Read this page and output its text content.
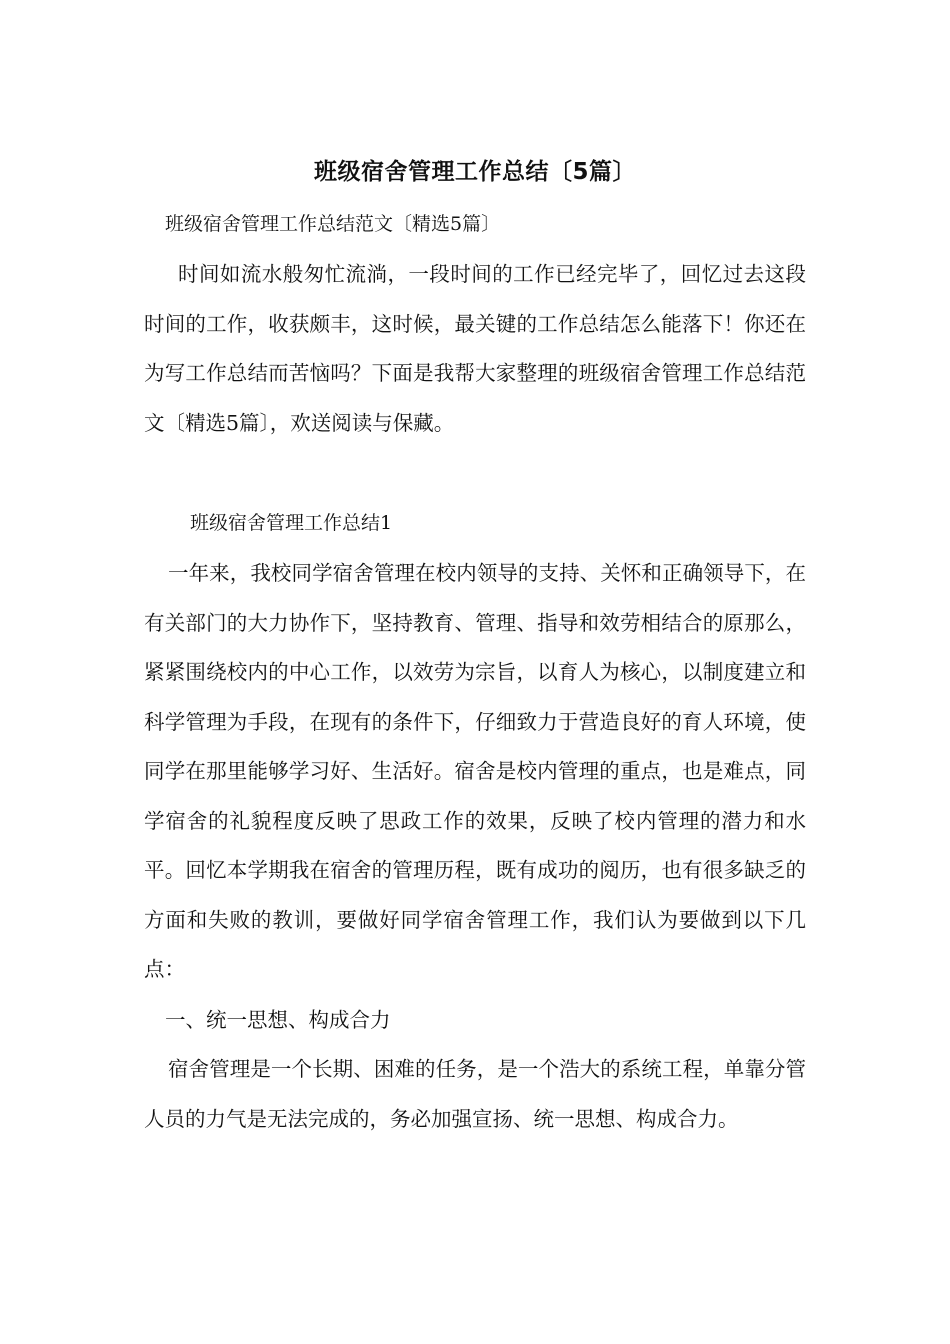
班级宿舍管理工作总结〔5篇〕
班级宿舍管理工作总结范文〔精选5篇〕

时间如流水般匆忙流淌，一段时间的工作已经完毕了，回忆过去这段时间的工作，收获颇丰，这时候，最关键的工作总结怎么能落下！你还在为写工作总结而苦恼吗？下面是我帮大家整理的班级宿舍管理工作总结范文〔精选5篇〕，欢送阅读与保藏。

班级宿舍管理工作总结1

一年来，我校同学宿舍管理在校内领导的支持、关怀和正确领导下，在有关部门的大力协作下，坚持教育、管理、指导和效劳相结合的原那么，紧紧围绕校内的中心工作，以效劳为宗旨，以育人为核心，以制度建立和科学管理为手段，在现有的条件下，仔细致力于营造良好的育人环境，使同学在那里能够学习好、生活好。宿舍是校内管理的重点，也是难点，同学宿舍的礼貌程度反映了思政工作的效果，反映了校内管理的潜力和水平。回忆本学期我在宿舍的管理历程，既有成功的阅历，也有很多缺乏的方面和失败的教训，要做好同学宿舍管理工作，我们认为要做到以下几点：

一、统一思想、构成合力

宿舍管理是一个长期、困难的任务，是一个浩大的系统工程，单靠分管人员的力气是无法完成的，务必加强宣扬、统一思想、构成合力。
